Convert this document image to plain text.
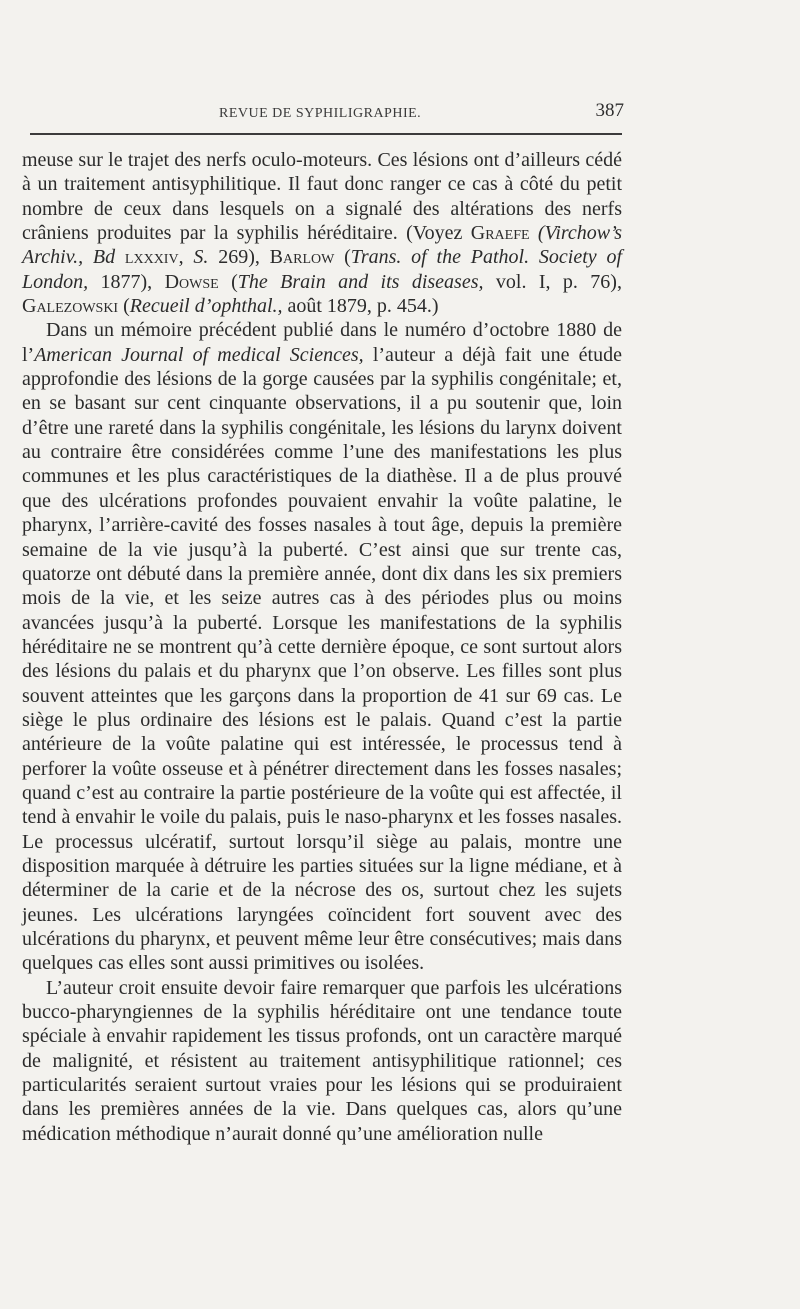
REVUE DE SYPHILIGRAPHIE.	387

meuse sur le trajet des nerfs oculo-moteurs. Ces lésions ont d’ailleurs cédé à un traitement antisyphilitique. Il faut donc ranger ce cas à côté du petit nombre de ceux dans lesquels on a signalé des altérations des nerfs crâniens produites par la syphilis héréditaire. (Voyez Graefe (Virchow’s Archiv., Bd lxxxiv, S. 269), Barlow (Trans. of the Pathol. Society of London, 1877), Dowse (The Brain and its diseases, vol. I, p. 76), Galezowski (Recueil d’ophthal., août 1879, p. 454.)

Dans un mémoire précédent publié dans le numéro d’octobre 1880 de l’American Journal of medical Sciences, l’auteur a déjà fait une étude approfondie des lésions de la gorge causées par la syphilis congénitale; et, en se basant sur cent cinquante observations, il a pu soutenir que, loin d’être une rareté dans la syphilis congénitale, les lésions du larynx doivent au contraire être considérées comme l’une des manifestations les plus communes et les plus caractéristiques de la diathèse. Il a de plus prouvé que des ulcérations profondes pouvaient envahir la voûte palatine, le pharynx, l’arrière-cavité des fosses nasales à tout âge, depuis la première semaine de la vie jusqu’à la puberté. C’est ainsi que sur trente cas, quatorze ont débuté dans la première année, dont dix dans les six premiers mois de la vie, et les seize autres cas à des périodes plus ou moins avancées jusqu’à la puberté. Lorsque les manifestations de la syphilis héréditaire ne se montrent qu’à cette dernière époque, ce sont surtout alors des lésions du palais et du pharynx que l’on observe. Les filles sont plus souvent atteintes que les garçons dans la proportion de 41 sur 69 cas. Le siège le plus ordinaire des lésions est le palais. Quand c’est la partie antérieure de la voûte palatine qui est intéressée, le processus tend à perforer la voûte osseuse et à pénétrer directement dans les fosses nasales; quand c’est au contraire la partie postérieure de la voûte qui est affectée, il tend à envahir le voile du palais, puis le naso-pharynx et les fosses nasales. Le processus ulcératif, surtout lorsqu’il siège au palais, montre une disposition marquée à détruire les parties situées sur la ligne médiane, et à déterminer de la carie et de la nécrose des os, surtout chez les sujets jeunes. Les ulcérations laryngées coïncident fort souvent avec des ulcérations du pharynx, et peuvent même leur être consécutives; mais dans quelques cas elles sont aussi primitives ou isolées.

L’auteur croit ensuite devoir faire remarquer que parfois les ulcérations bucco-pharyngiennes de la syphilis héréditaire ont une tendance toute spéciale à envahir rapidement les tissus profonds, ont un caractère marqué de malignité, et résistent au traitement antisyphilitique rationnel; ces particularités seraient surtout vraies pour les lésions qui se produiraient dans les premières années de la vie. Dans quelques cas, alors qu’une médication méthodique n’aurait donné qu’une amélioration nulle
